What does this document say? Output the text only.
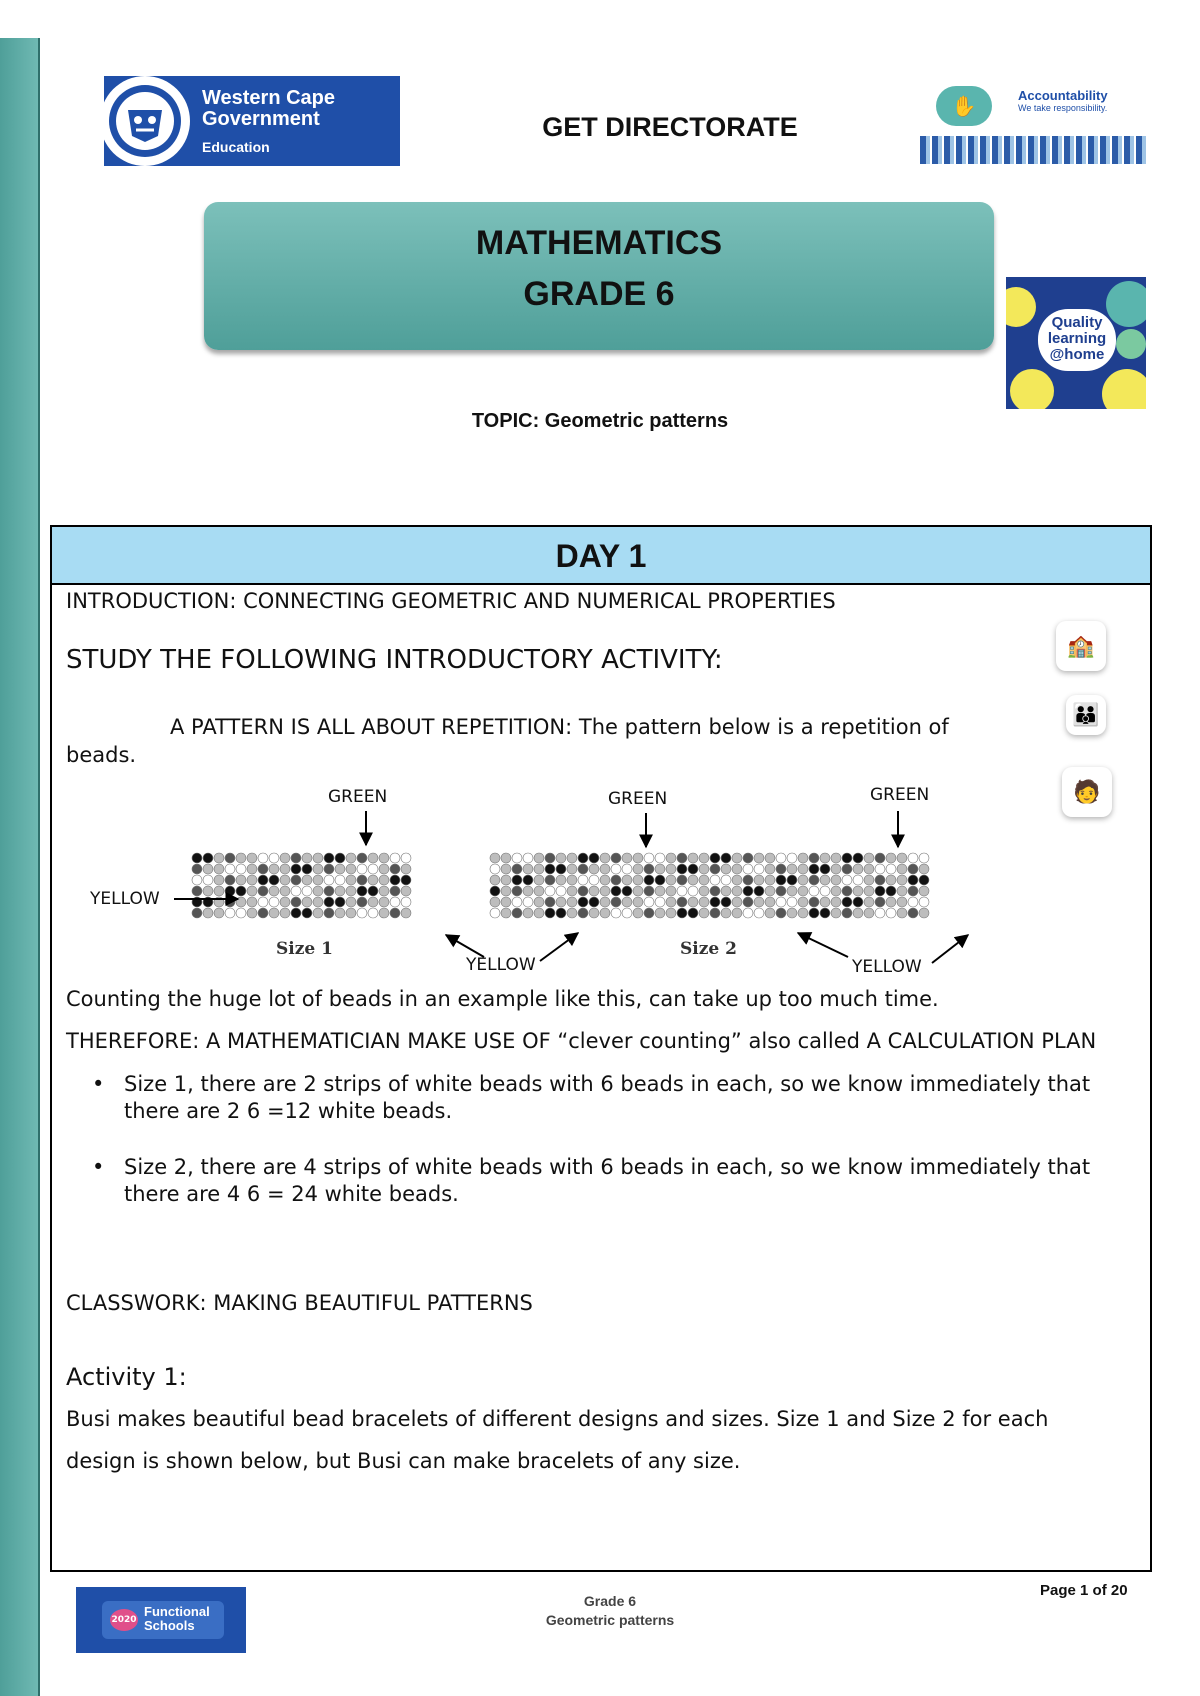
Western Cape
Government
Education
GET DIRECTORATE
✋	Accountability
We take responsibility.
MATHEMATICS
GRADE 6
Quality
learning
@home
TOPIC: Geometric patterns
DAY 1
INTRODUCTION: CONNECTING GEOMETRIC AND NUMERICAL PROPERTIES
STUDY THE FOLLOWING INTRODUCTORY ACTIVITY:	🏫
👪
🧑
A PATTERN IS ALL ABOUT REPETITION: The pattern below is a repetition of
beads.
GREEN	GREEN	GREEN
YELLOW
YELLOW	YELLOW
Size 1	Size 2
Counting the huge lot of beads in an example like this, can take up too much time.
THEREFORE: A MATHEMATICIAN MAKE USE OF “clever counting” also called A CALCULATION PLAN
• Size 1, there are 2 strips of white beads with 6 beads in each, so we know immediately that
there are 2 6 =12 white beads.
• Size 2, there are 4 strips of white beads with 6 beads in each, so we know immediately that
there are 4 6 = 24 white beads.
CLASSWORK: MAKING BEAUTIFUL PATTERNS
Activity 1:
Busi makes beautiful bead bracelets of different designs and sizes. Size 1 and Size 2 for each
design is shown below, but Busi can make bracelets of any size.
2020
Functional
Schools
Grade 6
Geometric patterns
Page 1 of 20
